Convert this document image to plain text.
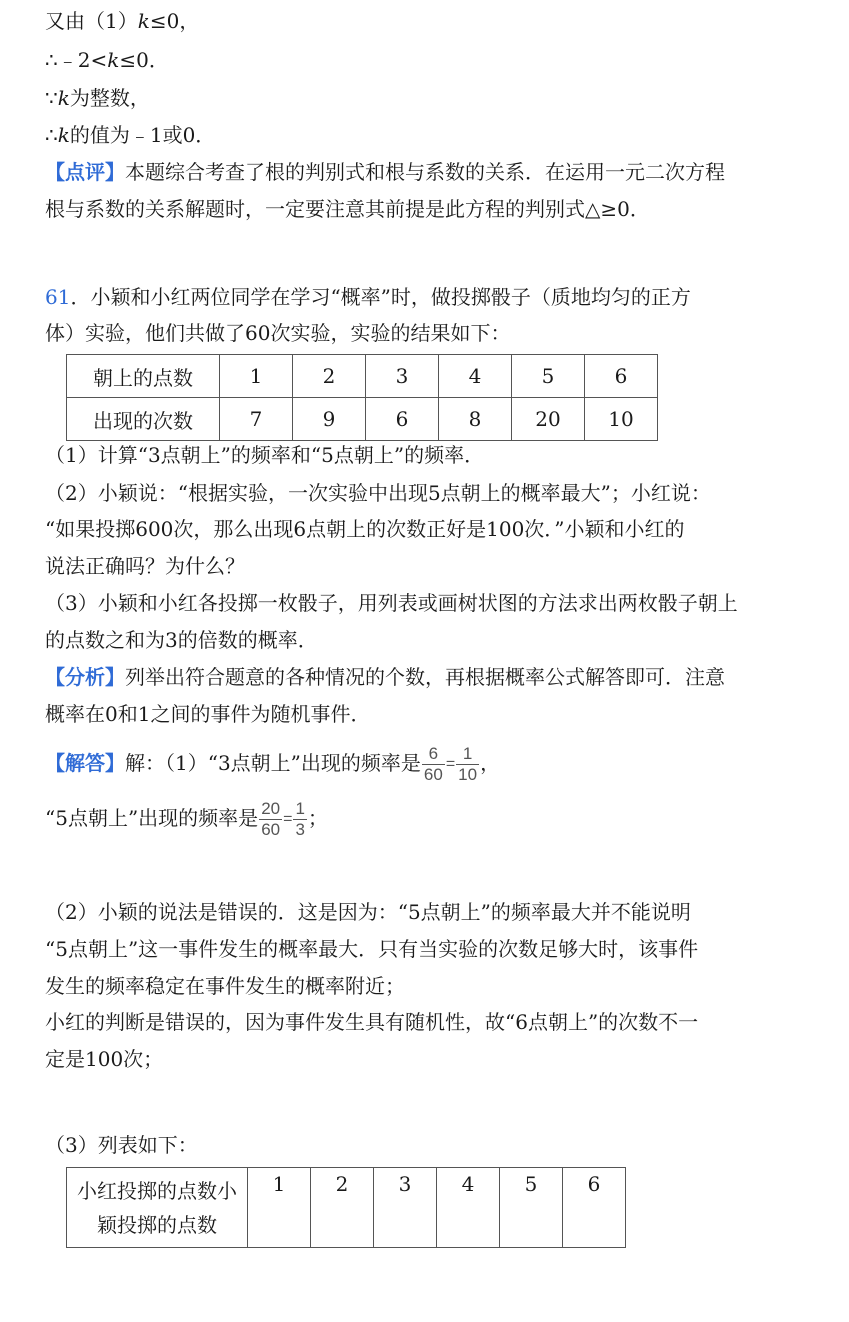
又由（1）k≤0，
∴﹣2<k≤0．
∵k为整数，
∴k的值为﹣1或0．
【点评】本题综合考查了根的判别式和根与系数的关系．在运用一元二次方程
根与系数的关系解题时，一定要注意其前提是此方程的判别式△≥0．
61．小颖和小红两位同学在学习“概率”时，做投掷骰子（质地均匀的正方
体）实验，他们共做了60次实验，实验的结果如下：
朝上的点数	1	2	3	4	5	6
出现的次数	7	9	6	8	20	10
（1）计算“3点朝上”的频率和“5点朝上”的频率．
（2）小颖说：“根据实验，一次实验中出现5点朝上的概率最大”；小红说：
“如果投掷600次，那么出现6点朝上的次数正好是100次．”小颖和小红的
说法正确吗？为什么？
（3）小颖和小红各投掷一枚骰子，用列表或画树状图的方法求出两枚骰子朝上
的点数之和为3的倍数的概率．
【分析】列举出符合题意的各种情况的个数，再根据概率公式解答即可．注意
概率在0和1之间的事件为随机事件．
【解答】解：（1）“3点朝上”出现的频率是 $\frac{6}{60} = \frac{1}{10}$ ，
“5点朝上”出现的频率是 $\frac{20}{60} = \frac{1}{3}$ ；
（2）小颖的说法是错误的．这是因为：“5点朝上”的频率最大并不能说明
“5点朝上”这一事件发生的概率最大．只有当实验的次数足够大时，该事件
发生的频率稳定在事件发生的概率附近；
小红的判断是错误的，因为事件发生具有随机性，故“6点朝上”的次数不一
定是100次；
（3）列表如下：
小红投掷的点数小
颖投掷的点数
	1	2	3	4	5	6
